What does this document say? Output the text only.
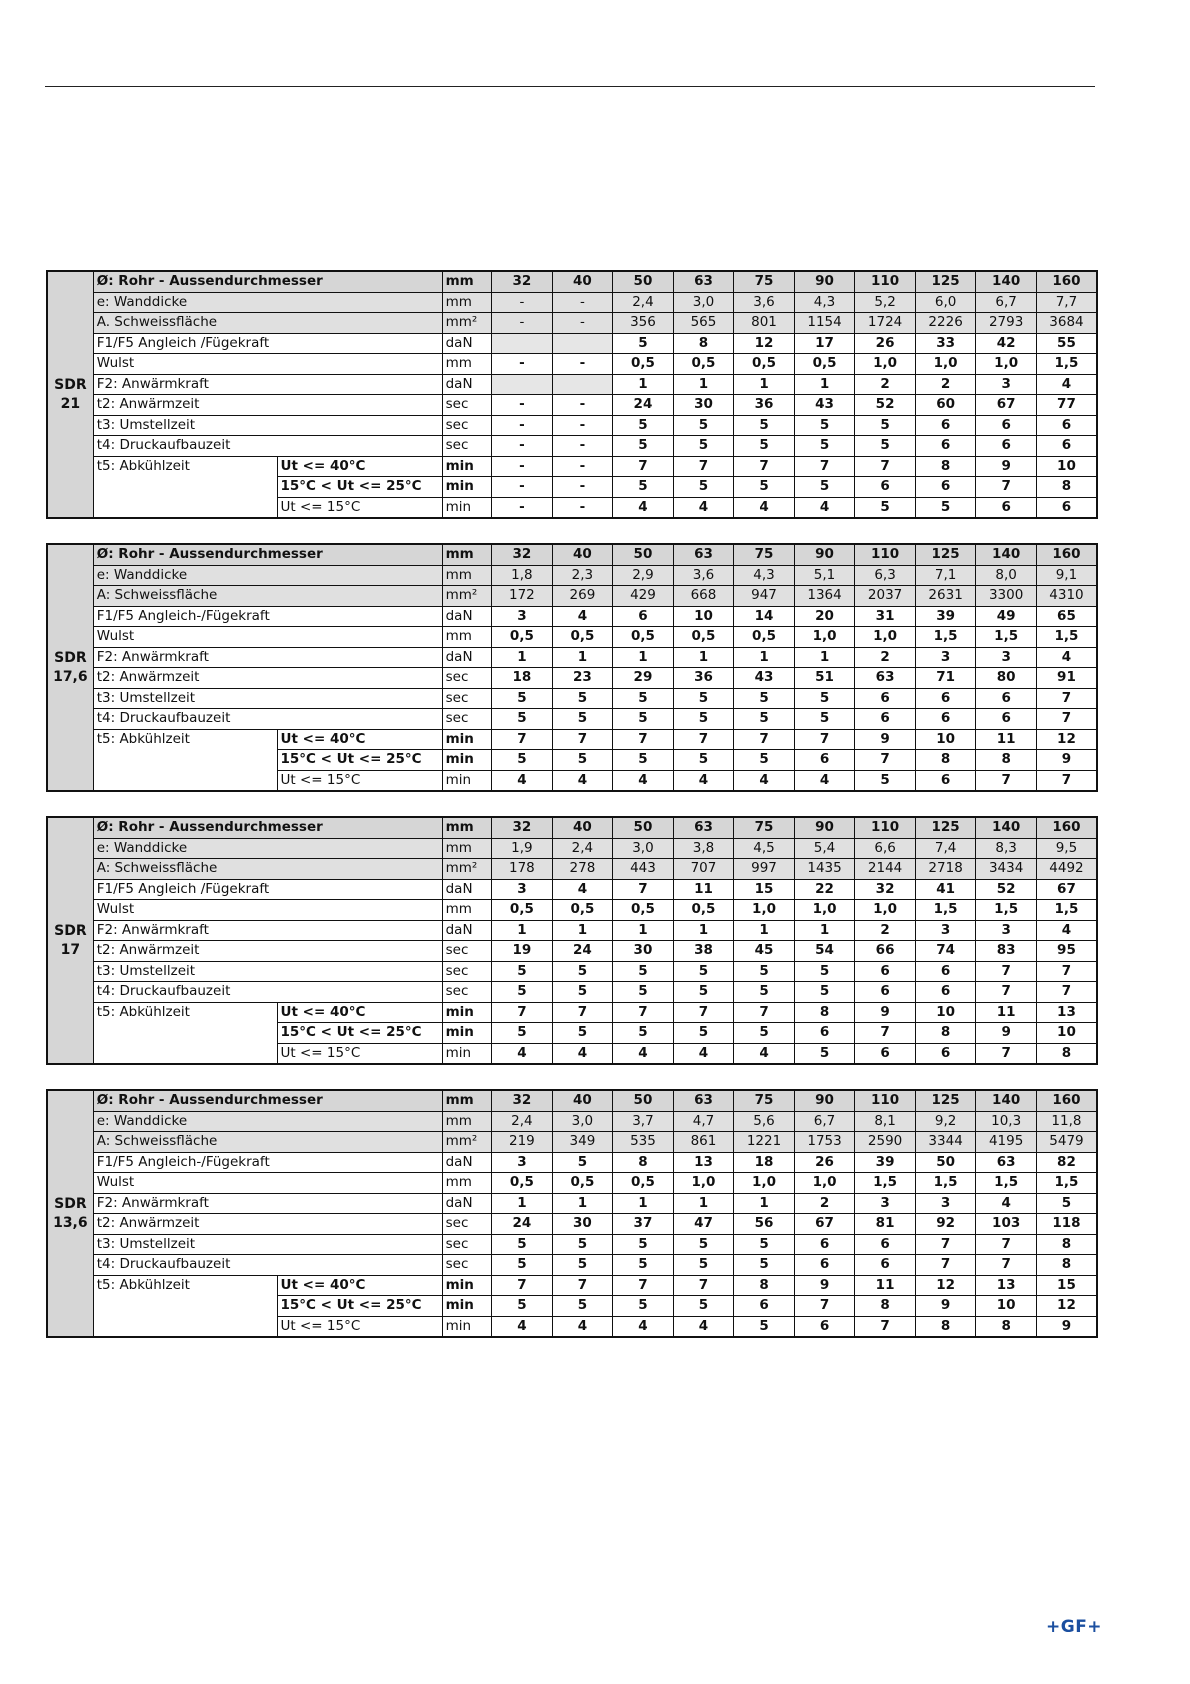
SDR
21	Ø: Rohr - Aussendurchmesser		mm	32	40	50	63	75	90	110	125	140	160
	e: Wanddicke		mm	-	-	2,4	3,0	3,6	4,3	5,2	6,0	6,7	7,7
	A. Schweissfläche		mm²	-	-	356	565	801	1154	1724	2226	2793	3684
	F1/F5 Angleich /Fügekraft		daN			5	8	12	17	26	33	42	55
	Wulst		mm	-	-	0,5	0,5	0,5	0,5	1,0	1,0	1,0	1,5
	F2: Anwärmkraft		daN			1	1	1	1	2	2	3	4
	t2: Anwärmzeit		sec	-	-	24	30	36	43	52	60	67	77
	t3: Umstellzeit		sec	-	-	5	5	5	5	5	6	6	6
	t4: Druckaufbauzeit		sec	-	-	5	5	5	5	5	6	6	6
	t5: Abkühlzeit	Ut <= 40°C	min	-	-	7	7	7	7	7	8	9	10
		15°C < Ut <= 25°C	min	-	-	5	5	5	5	6	6	7	8
		Ut <= 15°C	min	-	-	4	4	4	4	5	5	6	6
SDR
17,6	Ø: Rohr - Aussendurchmesser		mm	32	40	50	63	75	90	110	125	140	160
	e: Wanddicke		mm	1,8	2,3	2,9	3,6	4,3	5,1	6,3	7,1	8,0	9,1
	A: Schweissfläche		mm²	172	269	429	668	947	1364	2037	2631	3300	4310
	F1/F5 Angleich-/Fügekraft		daN	3	4	6	10	14	20	31	39	49	65
	Wulst		mm	0,5	0,5	0,5	0,5	0,5	1,0	1,0	1,5	1,5	1,5
	F2: Anwärmkraft		daN	1	1	1	1	1	1	2	3	3	4
	t2: Anwärmzeit		sec	18	23	29	36	43	51	63	71	80	91
	t3: Umstellzeit		sec	5	5	5	5	5	5	6	6	6	7
	t4: Druckaufbauzeit		sec	5	5	5	5	5	5	6	6	6	7
	t5: Abkühlzeit	Ut <= 40°C	min	7	7	7	7	7	7	9	10	11	12
		15°C < Ut <= 25°C	min	5	5	5	5	5	6	7	8	8	9
		Ut <= 15°C	min	4	4	4	4	4	4	5	6	7	7
SDR
17	Ø: Rohr - Aussendurchmesser		mm	32	40	50	63	75	90	110	125	140	160
	e: Wanddicke		mm	1,9	2,4	3,0	3,8	4,5	5,4	6,6	7,4	8,3	9,5
	A: Schweissfläche		mm²	178	278	443	707	997	1435	2144	2718	3434	4492
	F1/F5 Angleich /Fügekraft		daN	3	4	7	11	15	22	32	41	52	67
	Wulst		mm	0,5	0,5	0,5	0,5	1,0	1,0	1,0	1,5	1,5	1,5
	F2: Anwärmkraft		daN	1	1	1	1	1	1	2	3	3	4
	t2: Anwärmzeit		sec	19	24	30	38	45	54	66	74	83	95
	t3: Umstellzeit		sec	5	5	5	5	5	5	6	6	7	7
	t4: Druckaufbauzeit		sec	5	5	5	5	5	5	6	6	7	7
	t5: Abkühlzeit	Ut <= 40°C	min	7	7	7	7	7	8	9	10	11	13
		15°C < Ut <= 25°C	min	5	5	5	5	5	6	7	8	9	10
		Ut <= 15°C	min	4	4	4	4	4	5	6	6	7	8
SDR
13,6	Ø: Rohr - Aussendurchmesser		mm	32	40	50	63	75	90	110	125	140	160
	e: Wanddicke		mm	2,4	3,0	3,7	4,7	5,6	6,7	8,1	9,2	10,3	11,8
	A: Schweissfläche		mm²	219	349	535	861	1221	1753	2590	3344	4195	5479
	F1/F5 Angleich-/Fügekraft		daN	3	5	8	13	18	26	39	50	63	82
	Wulst		mm	0,5	0,5	0,5	1,0	1,0	1,0	1,5	1,5	1,5	1,5
	F2: Anwärmkraft		daN	1	1	1	1	1	2	3	3	4	5
	t2: Anwärmzeit		sec	24	30	37	47	56	67	81	92	103	118
	t3: Umstellzeit		sec	5	5	5	5	5	6	6	7	7	8
	t4: Druckaufbauzeit		sec	5	5	5	5	5	6	6	7	7	8
	t5: Abkühlzeit	Ut <= 40°C	min	7	7	7	7	8	9	11	12	13	15
		15°C < Ut <= 25°C	min	5	5	5	5	6	7	8	9	10	12
		Ut <= 15°C	min	4	4	4	4	5	6	7	8	8	9
+GF+
